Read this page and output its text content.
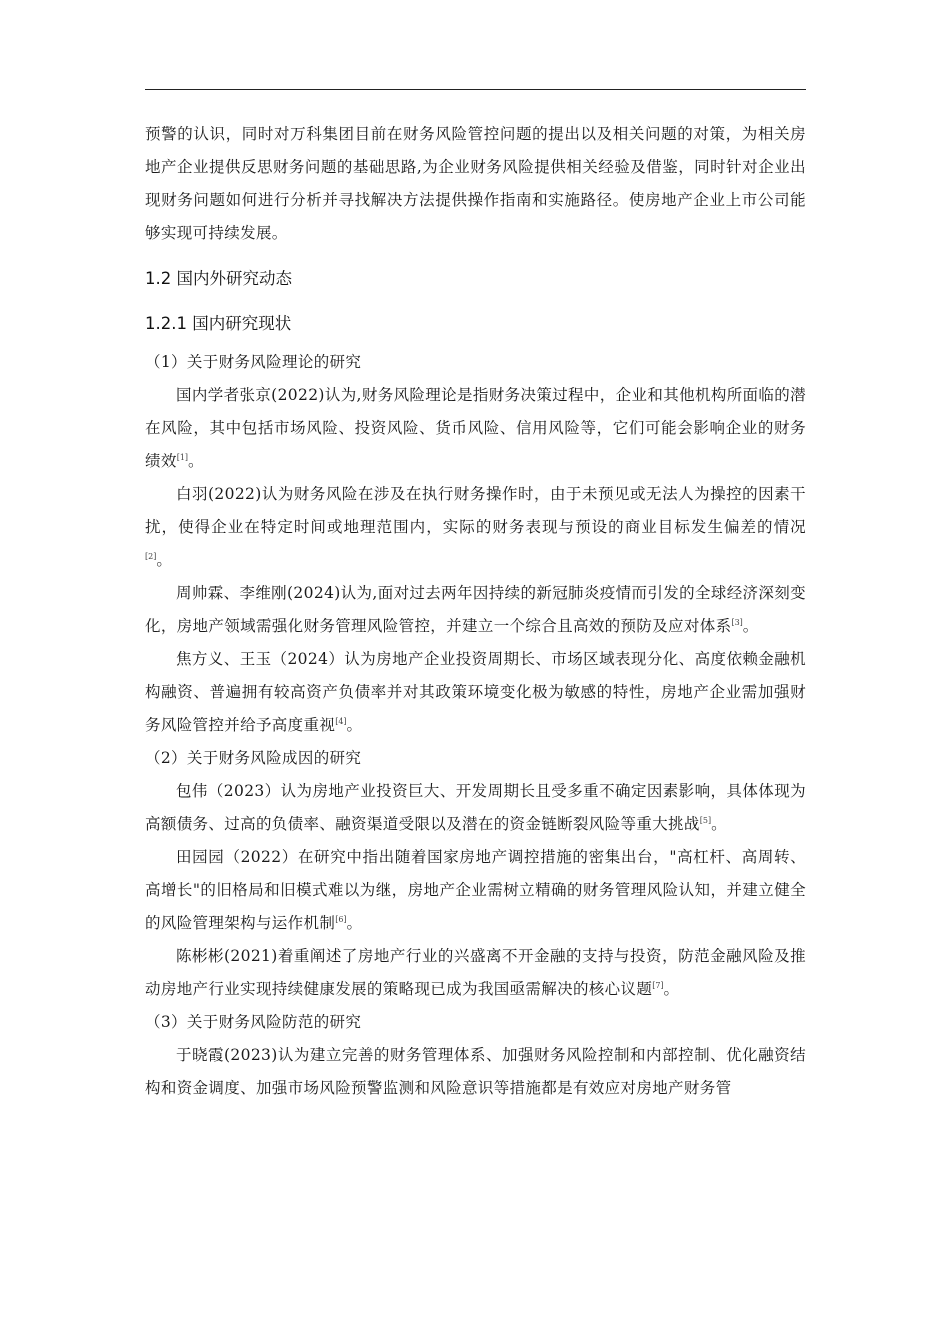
预警的认识，同时对万科集团目前在财务风险管控问题的提出以及相关问题的对策，为相关房地产企业提供反思财务问题的基础思路,为企业财务风险提供相关经验及借鉴，同时针对企业出现财务问题如何进行分析并寻找解决方法提供操作指南和实施路径。使房地产企业上市公司能够实现可持续发展。

1.2 国内外研究动态
1.2.1 国内研究现状
（1）关于财务风险理论的研究

国内学者张京(2022)认为,财务风险理论是指财务决策过程中，企业和其他机构所面临的潜在风险，其中包括市场风险、投资风险、货币风险、信用风险等，它们可能会影响企业的财务绩效[1]。

白羽(2022)认为财务风险在涉及在执行财务操作时，由于未预见或无法人为操控的因素干扰，使得企业在特定时间或地理范围内，实际的财务表现与预设的商业目标发生偏差的情况[2]。

周帅霖、李维刚(2024)认为,面对过去两年因持续的新冠肺炎疫情而引发的全球经济深刻变化，房地产领域需强化财务管理风险管控，并建立一个综合且高效的预防及应对体系[3]。

焦方义、王玉（2024）认为房地产企业投资周期长、市场区域表现分化、高度依赖金融机构融资、普遍拥有较高资产负债率并对其政策环境变化极为敏感的特性，房地产企业需加强财务风险管控并给予高度重视[4]。

（2）关于财务风险成因的研究

包伟（2023）认为房地产业投资巨大、开发周期长且受多重不确定因素影响，具体体现为高额债务、过高的负债率、融资渠道受限以及潜在的资金链断裂风险等重大挑战[5]。

田园园（2022）在研究中指出随着国家房地产调控措施的密集出台，"高杠杆、高周转、高增长"的旧格局和旧模式难以为继，房地产企业需树立精确的财务管理风险认知，并建立健全的风险管理架构与运作机制[6]。

陈彬彬(2021)着重阐述了房地产行业的兴盛离不开金融的支持与投资，防范金融风险及推动房地产行业实现持续健康发展的策略现已成为我国亟需解决的核心议题[7]。

（3）关于财务风险防范的研究

于晓霞(2023)认为建立完善的财务管理体系、加强财务风险控制和内部控制、优化融资结构和资金调度、加强市场风险预警监测和风险意识等措施都是有效应对房地产财务管
